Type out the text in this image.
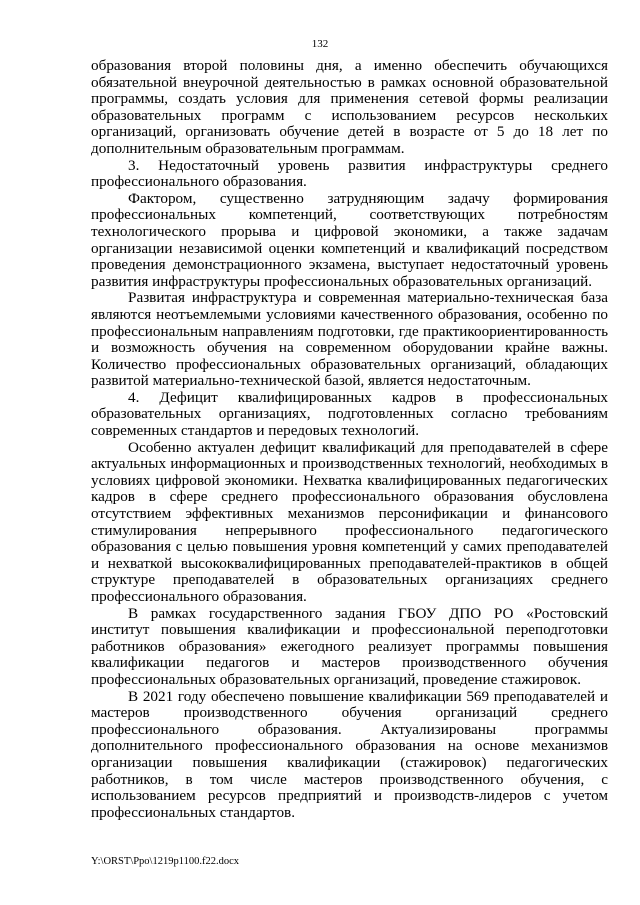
132

образования второй половины дня, а именно обеспечить обучающихся обязательной внеурочной деятельностью в рамках основной образовательной программы, создать условия для применения сетевой формы реализации образовательных программ с использованием ресурсов нескольких организаций, организовать обучение детей в возрасте от 5 до 18 лет по дополнительным образовательным программам.

3. Недостаточный уровень развития инфраструктуры среднего профессионального образования.

Фактором, существенно затрудняющим задачу формирования профессиональных компетенций, соответствующих потребностям технологического прорыва и цифровой экономики, а также задачам организации независимой оценки компетенций и квалификаций посредством проведения демонстрационного экзамена, выступает недостаточный уровень развития инфраструктуры профессиональных образовательных организаций.

Развитая инфраструктура и современная материально-техническая база являются неотъемлемыми условиями качественного образования, особенно по профессиональным направлениям подготовки, где практикоориентированность и возможность обучения на современном оборудовании крайне важны. Количество профессиональных образовательных организаций, обладающих развитой материально-технической базой, является недостаточным.

4. Дефицит квалифицированных кадров в профессиональных образовательных организациях, подготовленных согласно требованиям современных стандартов и передовых технологий.

Особенно актуален дефицит квалификаций для преподавателей в сфере актуальных информационных и производственных технологий, необходимых в условиях цифровой экономики. Нехватка квалифицированных педагогических кадров в сфере среднего профессионального образования обусловлена отсутствием эффективных механизмов персонификации и финансового стимулирования непрерывного профессионального педагогического образования с целью повышения уровня компетенций у самих преподавателей и нехваткой высококвалифицированных преподавателей-практиков в общей структуре преподавателей в образовательных организациях среднего профессионального образования.

В рамках государственного задания ГБОУ ДПО РО «Ростовский институт повышения квалификации и профессиональной переподготовки работников образования» ежегодного реализует программы повышения квалификации педагогов и мастеров производственного обучения профессиональных образовательных организаций, проведение стажировок.

В 2021 году обеспечено повышение квалификации 569 преподавателей и мастеров производственного обучения организаций среднего профессионального образования. Актуализированы программы дополнительного профессионального образования на основе механизмов организации повышения квалификации (стажировок) педагогических работников, в том числе мастеров производственного обучения, с использованием ресурсов предприятий и производств-лидеров с учетом профессиональных стандартов.

Y:\ORST\Ppo\1219p1100.f22.docx
